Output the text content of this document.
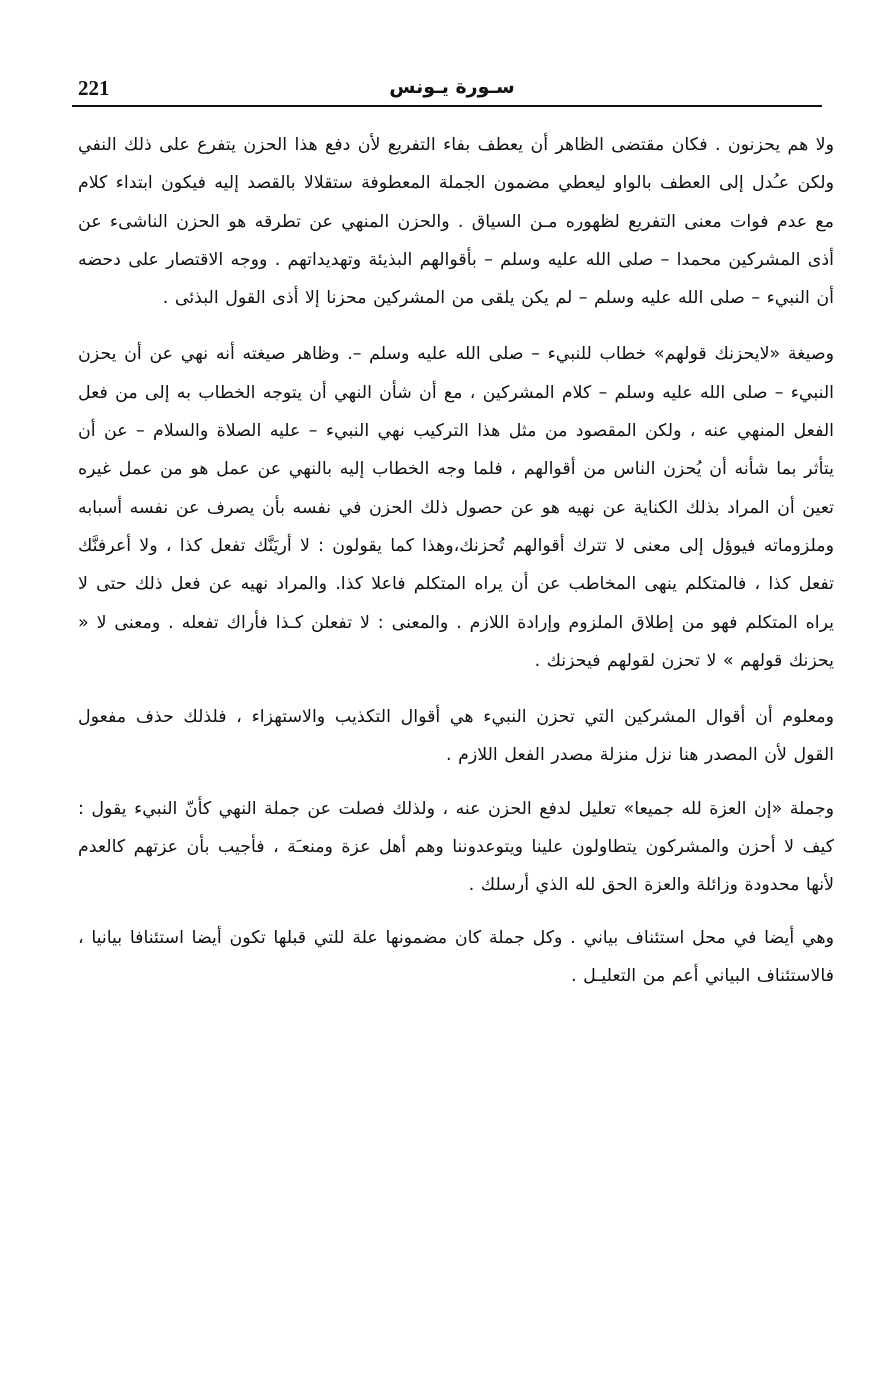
221	سـورة يـونس

ولا هم يحزنون . فكان مقتضى الظاهر أن يعطف بفاء التفريع لأن دفع هذا الحزن يتفرع على ذلك النفي ولكن عـُدل إلى العطف بالواو ليعطي مضمون الجملة المعطوفة ستقلالا بالقصد إليه فيكون ابتداء كلام مع عدم فوات معنى التفريع لظهوره مـن السياق . والحزن المنهي عن تطرقه هو الحزن الناشىء عن أذى المشركين محمدا – صلى الله عليه وسلم – بأقوالهم البذيئة وتهديداتهم . ووجه الاقتصار على دحضه أن النبيء – صلى الله عليه وسلم – لم يكن يلقى من المشركين محزنا إلا أذى القول البذئى .

وصيغة «لايحزنك قولهم» خطاب للنبيء – صلى الله عليه وسلم –. وظاهر صيغته أنه نهي عن أن يحزن النبيء – صلى الله عليه وسلم – كلام المشركين ، مع أن شأن النهي أن يتوجه الخطاب به إلى من فعل الفعل المنهي عنه ، ولكن المقصود من مثل هذا التركيب نهي النبيء – عليه الصلاة والسلام – عن أن يتأثر بما شأنه أن يُحزن الناس من أقوالهم ، فلما وجه الخطاب إليه بالنهي عن عمل هو من عمل غيره تعين أن المراد بذلك الكناية عن نهيه هو عن حصول ذلك الحزن في نفسه بأن يصرف عن نفسه أسبابه وملزوماته فيوؤل إلى معنى لا تترك أقوالهم تُحزنك،وهذا كما يقولون : لا أريَنَّك تفعل كذا ، ولا أعرفنَّك تفعل كذا ، فالمتكلم ينهى المخاطب عن أن يراه المتكلم فاعلا كذا. والمراد نهيه عن فعل ذلك حتى لا يراه المتكلم فهو من إطلاق الملزوم وإرادة اللازم . والمعنى : لا تفعلن كـذا فأراك تفعله . ومعنى لا « يحزنك قولهم » لا تحزن لقولهم فيحزنك .

ومعلوم أن أقوال المشركين التي تحزن النبيء هي أقوال التكذيب والاستهزاء ، فلذلك حذف مفعول القول لأن المصدر هنا نزل منزلة مصدر الفعل اللازم .

وجملة «إن العزة لله جميعا» تعليل لدفع الحزن عنه ، ولذلك فصلت عن جملة النهي كأنّ النبيء يقول : كيف لا أحزن والمشركون يتطاولون علينا ويتوعدوننا وهم أهل عزة ومنعـَة ، فأجيب بأن عزتهم كالعدم لأنها محدودة وزائلة والعزة الحق لله الذي أرسلك .

وهي أيضا في محل استئناف بياني . وكل جملة كان مضمونها علة للتي قبلها تكون أيضا استئنافا بيانيا ، فالاستئناف البياني أعم من التعليـل .
